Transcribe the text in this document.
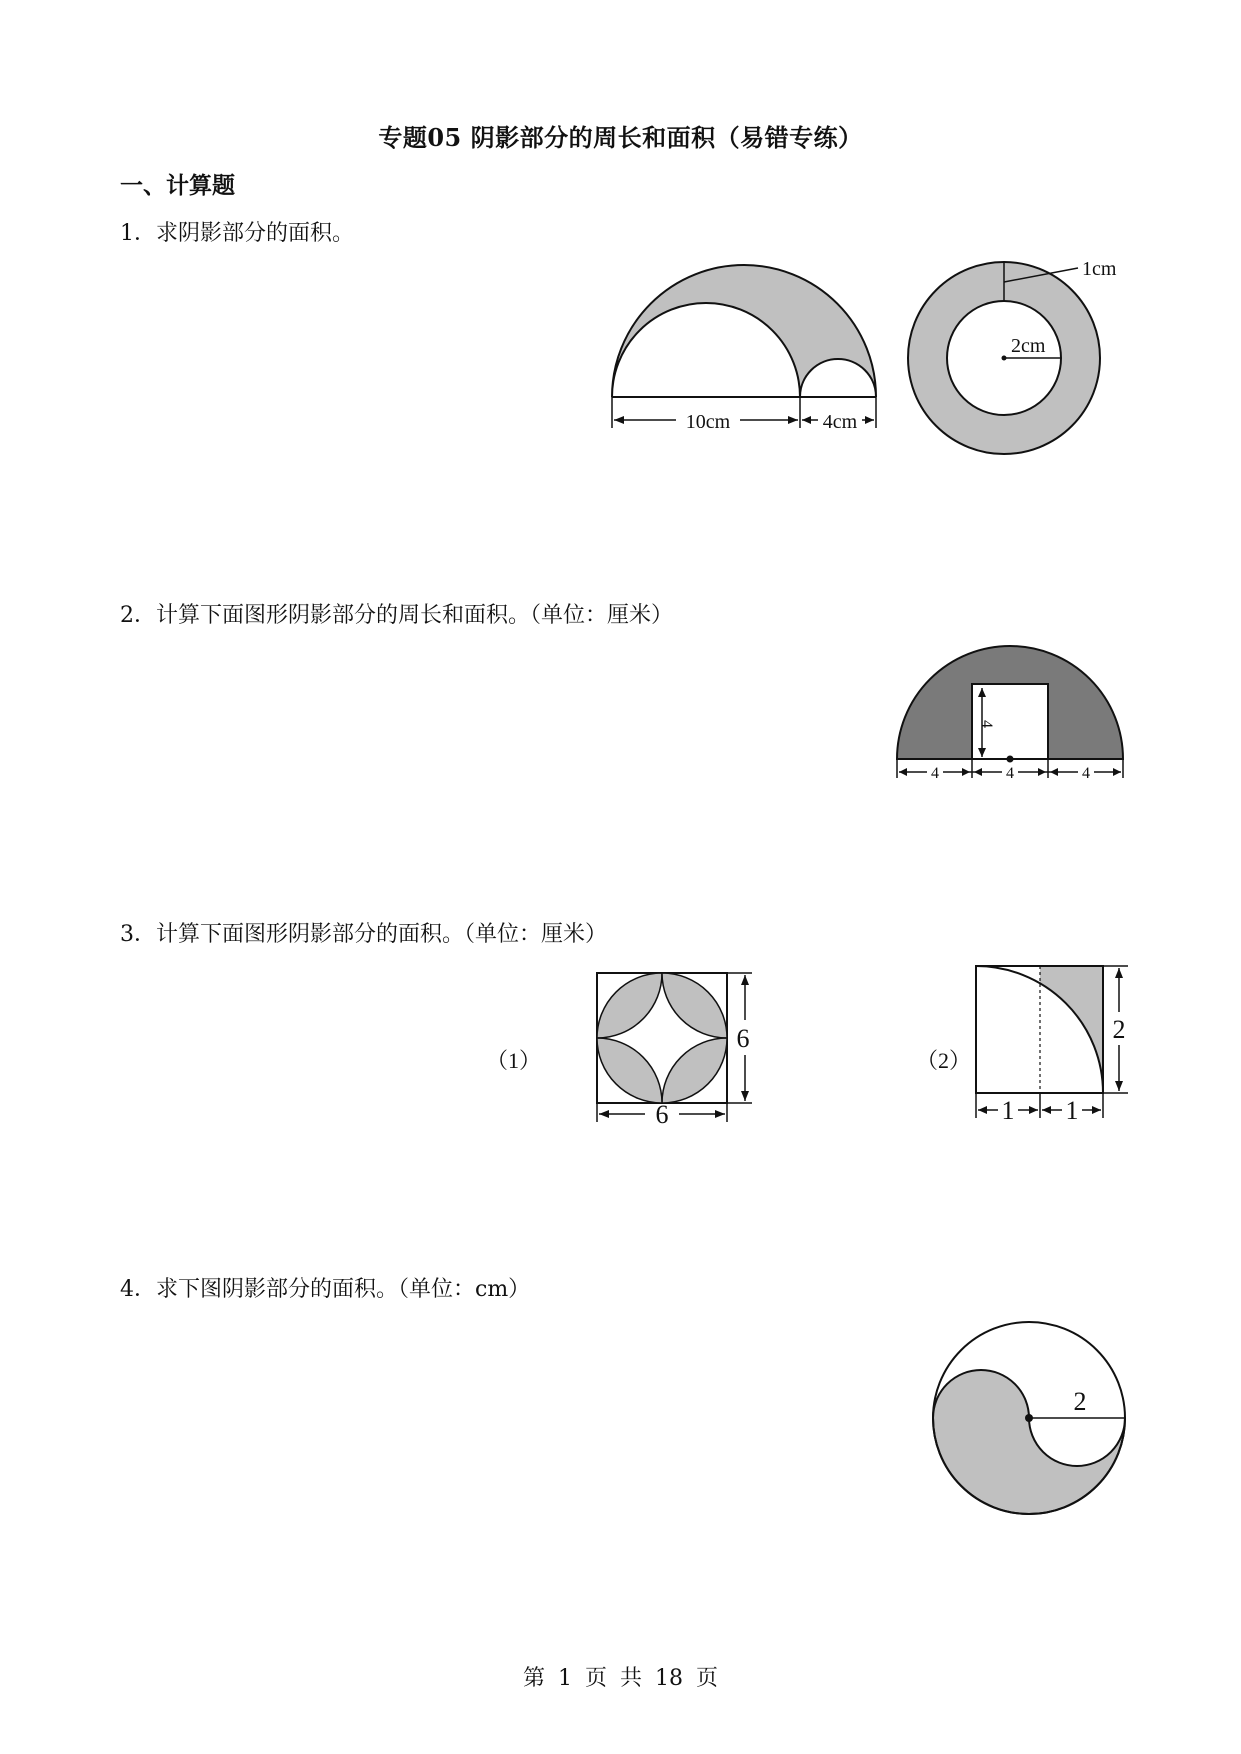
专题05 阴影部分的周长和面积（易错专练）
一、计算题
1．求阴影部分的面积。
2．计算下面图形阴影部分的周长和面积。（单位：厘米）
3．计算下面图形阴影部分的面积。（单位：厘米）
4．求下图阴影部分的面积。（单位：cm）
10cm	4cm
1cm
2cm
4
4	4	4
（1）
6
6
（2）
2
1 1
2
第 1 页 共 18 页
